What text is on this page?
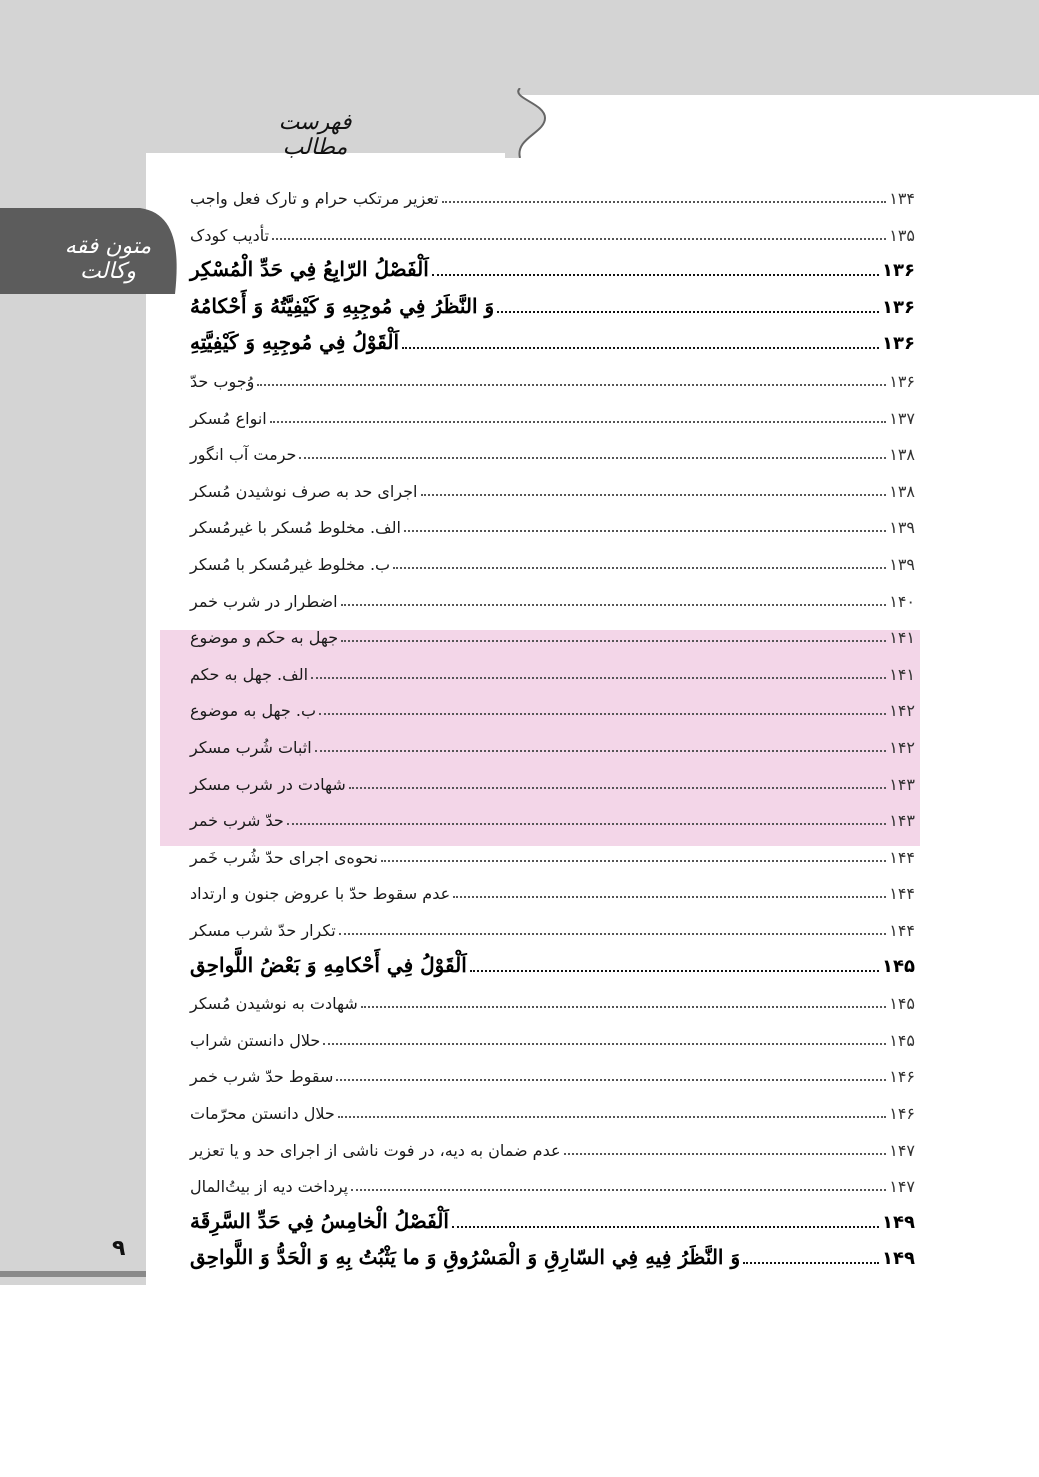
فهرست مطالب
متون فقه وکالت
تعزیر مرتکب حرام و تارک فعل واجب	۱۳۴
تأدیب کودک	۱۳۵
اَلْفَصْلُ الرّابِعُ فِي حَدِّ الْمُسْكِر	۱۳۶
وَ النَّظَرُ فِي مُوجِبِهِ وَ كَيْفِيَّتُهُ وَ أَحْكامُهُ	۱۳۶
اَلْقَوْلُ فِي مُوجِبِهِ وَ كَيْفِيَّتِهِ	۱۳۶
وُجوب حدّ	۱۳۶
انواع مُسکر	۱۳۷
حرمت آب انگور	۱۳۸
اجرای حد به صرف نوشیدن مُسکر	۱۳۸
الف. مخلوط مُسکر با غیرمُسکر	۱۳۹
ب. مخلوط غیرمُسکر با مُسکر	۱۳۹
اضطرار در شرب خمر	۱۴۰
جهل به حکم و موضوع	۱۴۱
الف. جهل به حکم	۱۴۱
ب. جهل به موضوع	۱۴۲
اثبات شُرب مسکر	۱۴۲
شهادت در شرب مسکر	۱۴۳
حدّ شرب خمر	۱۴۳
نحوه‌ی اجرای حدّ شُرب خَمر	۱۴۴
عدم سقوط حدّ با عروض جنون و ارتداد	۱۴۴
تکرار حدّ شرب مسکر	۱۴۴
اَلْقَوْلُ فِي أَحْكامِهِ وَ بَعْضُ اللَّواحِق	۱۴۵
شهادت به نوشیدن مُسکر	۱۴۵
حلال دانستن شراب	۱۴۵
سقوط حدّ شرب خمر	۱۴۶
حلال دانستن محرّمات	۱۴۶
عدم ضمان به دیه، در فوت ناشی از اجرای حد و یا تعزیر	۱۴۷
پرداخت دیه از بیتُ‌المال	۱۴۷
اَلْفَصْلُ الْخامِسُ فِي حَدِّ السَّرِقَة	۱۴۹
وَ النَّظَرُ فِيهِ فِي السّارِقِ وَ الْمَسْرُوقِ وَ ما يَثْبُتُ بِهِ وَ الْحَدُّ وَ اللَّواحِق	۱۴۹
۹
